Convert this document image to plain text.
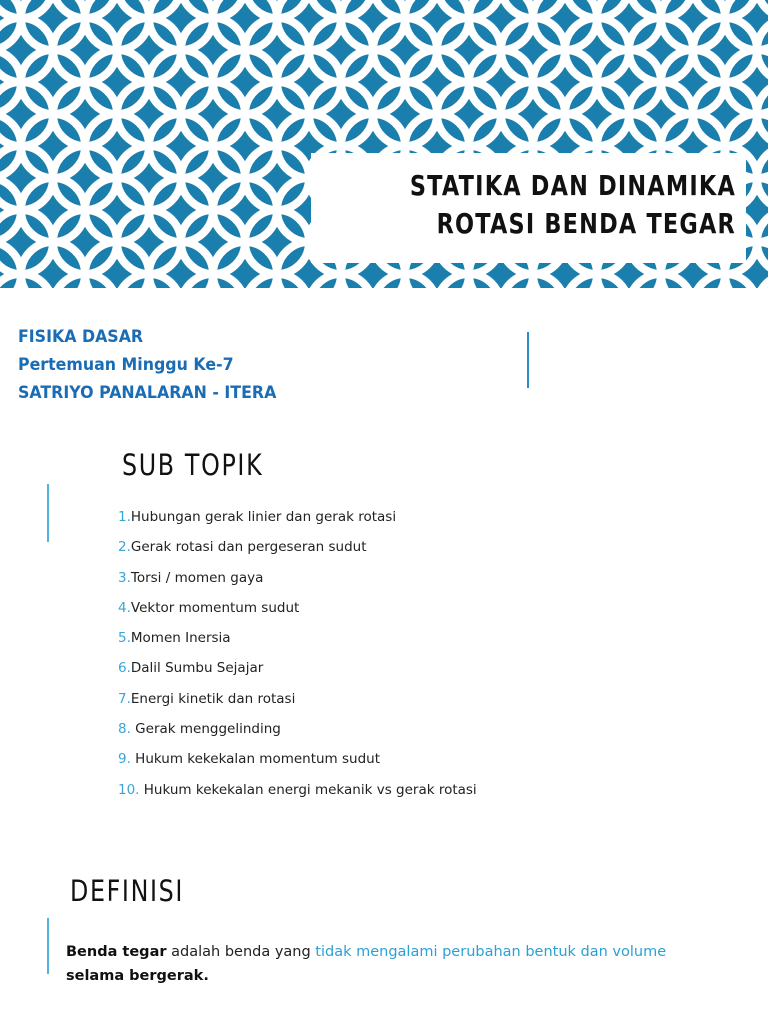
STATIKA DAN DINAMIKA
ROTASI BENDA TEGAR
FISIKA DASAR
Pertemuan Minggu Ke-7
SATRIYO PANALARAN - ITERA
SUB TOPIK
1.Hubungan gerak linier dan gerak rotasi
2.Gerak rotasi dan pergeseran sudut
3.Torsi / momen gaya
4.Vektor momentum sudut
5.Momen Inersia
6.Dalil Sumbu Sejajar
7.Energi kinetik dan rotasi
8. Gerak menggelinding
9. Hukum kekekalan momentum sudut
10. Hukum kekekalan energi mekanik vs gerak rotasi
DEFINISI
Benda tegar adalah benda yang tidak mengalami perubahan bentuk dan volume
selama bergerak.
